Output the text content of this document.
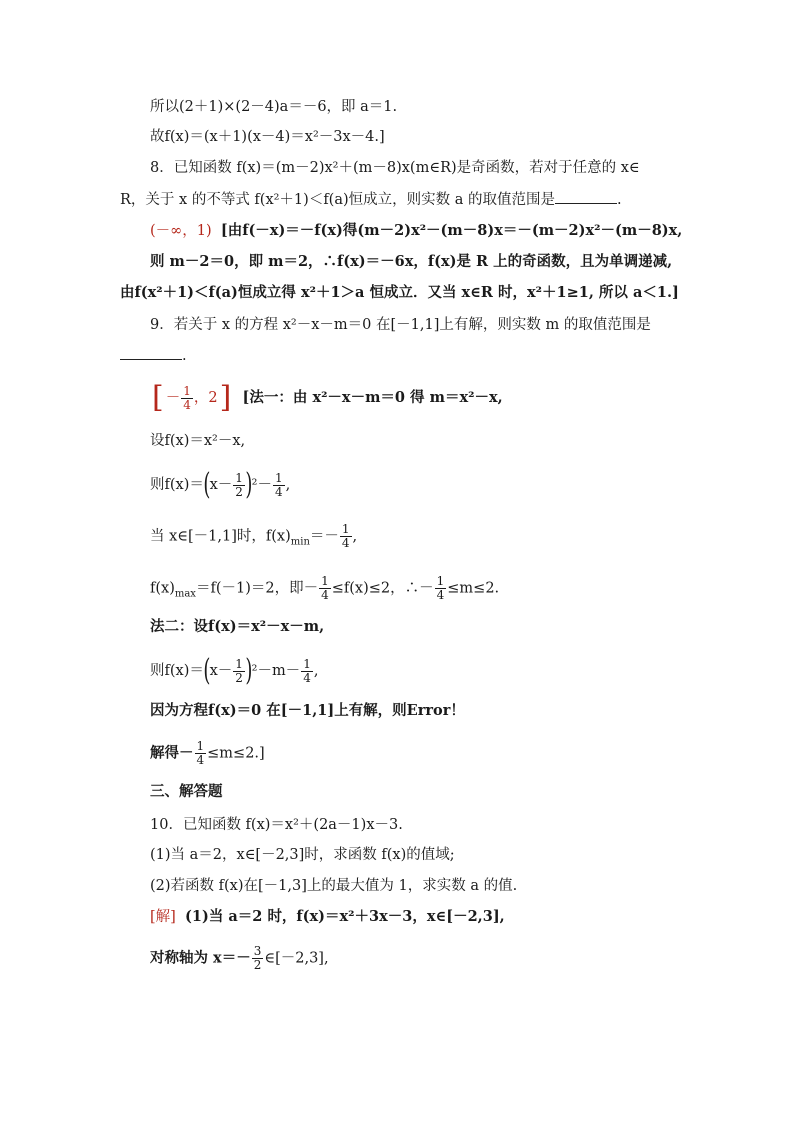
所以(2＋1)×(2－4)a＝－6，即 a＝1.
故f(x)＝(x＋1)(x－4)＝x²－3x－4.]
8．已知函数 f(x)＝(m－2)x²＋(m－8)x(m∈R)是奇函数，若对于任意的 x∈
R，关于 x 的不等式 f(x²＋1)＜f(a)恒成立，则实数 a 的取值范围是	.
(－∞，1) [由f(－x)＝－f(x)得(m－2)x²－(m－8)x＝－(m－2)x²－(m－8)x,
则 m－2＝0，即 m＝2，∴f(x)＝－6x，f(x)是 R 上的奇函数，且为单调递减,
由f(x²＋1)＜f(a)恒成立得 x²＋1＞a 恒成立．又当 x∈R 时，x²＋1≥1, 所以 a＜1.]
9．若关于 x 的方程 x²－x－m＝0 在[－1,1]上有解，则实数 m 的取值范围是
.
[ － $\frac{1}{4}$ ，2] [法一：由 x²－x－m＝0 得 m＝x²－x,
设f(x)＝x²－x,
则$f(x)=(x- \frac{1}{2} )^2- \frac{1}{4}$ ,
当 x∈[－1,1]时，$f(x)_{min}=- \frac{1}{4}$ ,
$f(x)_{max}=f(-1)=2$，即－ $\frac{1}{4} \le f(x)\le 2$，∴－ $\frac{1}{4} \le m\le 2$.
法二：设f(x)＝x²－x－m,
则$f(x)=(x- \frac{1}{2} )^2-m- \frac{1}{4}$ ,
因为方程f(x)＝0 在[－1,1]上有解，则Error！
解得－ $\frac{1}{4} \le m\le 2$.]
三、解答题
10．已知函数 f(x)＝x²＋(2a－1)x－3.
(1)当 a＝2，x∈[－2,3]时，求函数 f(x)的值域;
(2)若函数 f(x)在[－1,3]上的最大值为 1，求实数 a 的值.
[解] (1)当 a＝2 时，f(x)＝x²＋3x－3，x∈[－2,3],
对称轴为 $x=- \frac{3}{2}$ ∈[－2,3],
